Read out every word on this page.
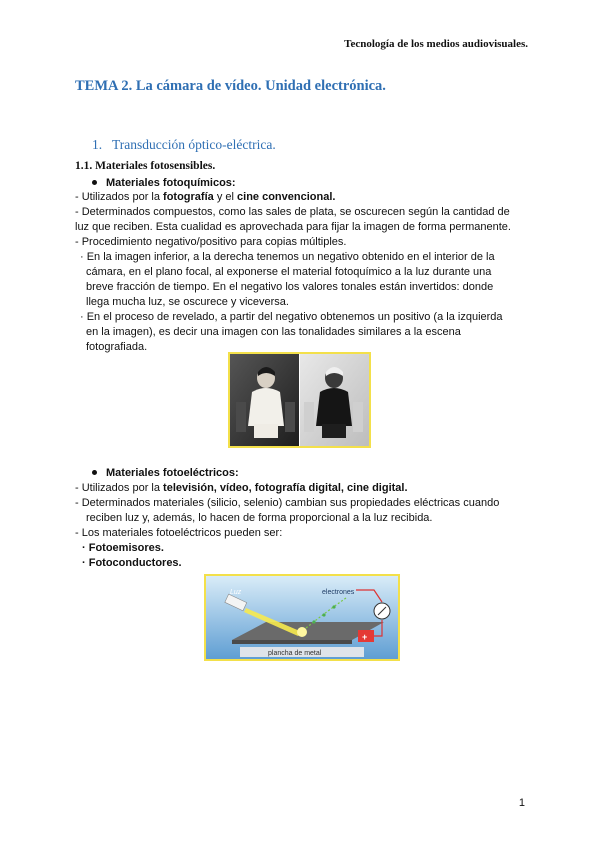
Tecnología de los medios audiovisuales.
TEMA 2. La cámara de vídeo. Unidad electrónica.
1. Transducción óptico-eléctrica.
1.1. Materiales fotosensibles.
Materiales fotoquímicos:
- Utilizados por la fotografía y el cine convencional.
- Determinados compuestos, como las sales de plata, se oscurecen según la cantidad de
luz que reciben. Esta cualidad es aprovechada para fijar la imagen de forma permanente.
- Procedimiento negativo/positivo para copias múltiples.
· En la imagen inferior, a la derecha tenemos un negativo obtenido en el interior de la
cámara, en el plano focal, al exponerse el material fotoquímico a la luz durante una
breve fracción de tiempo. En el negativo los valores tonales están invertidos: donde
llega mucha luz, se oscurece y viceversa.
· En el proceso de revelado, a partir del negativo obtenemos un positivo (a la izquierda
en la imagen), es decir una imagen con las tonalidades similares a la escena
fotografiada.
Materiales fotoeléctricos:
- Utilizados por la televisión, vídeo, fotografía digital, cine digital.
- Determinados materiales (silicio, selenio) cambian sus propiedades eléctricas cuando
reciben luz y, además, lo hacen de forma proporcional a la luz recibida.
- Los materiales fotoeléctricos pueden ser:
· Fotoemisores.
· Fotoconductores.
Luz	electrones
+
plancha de metal
1
